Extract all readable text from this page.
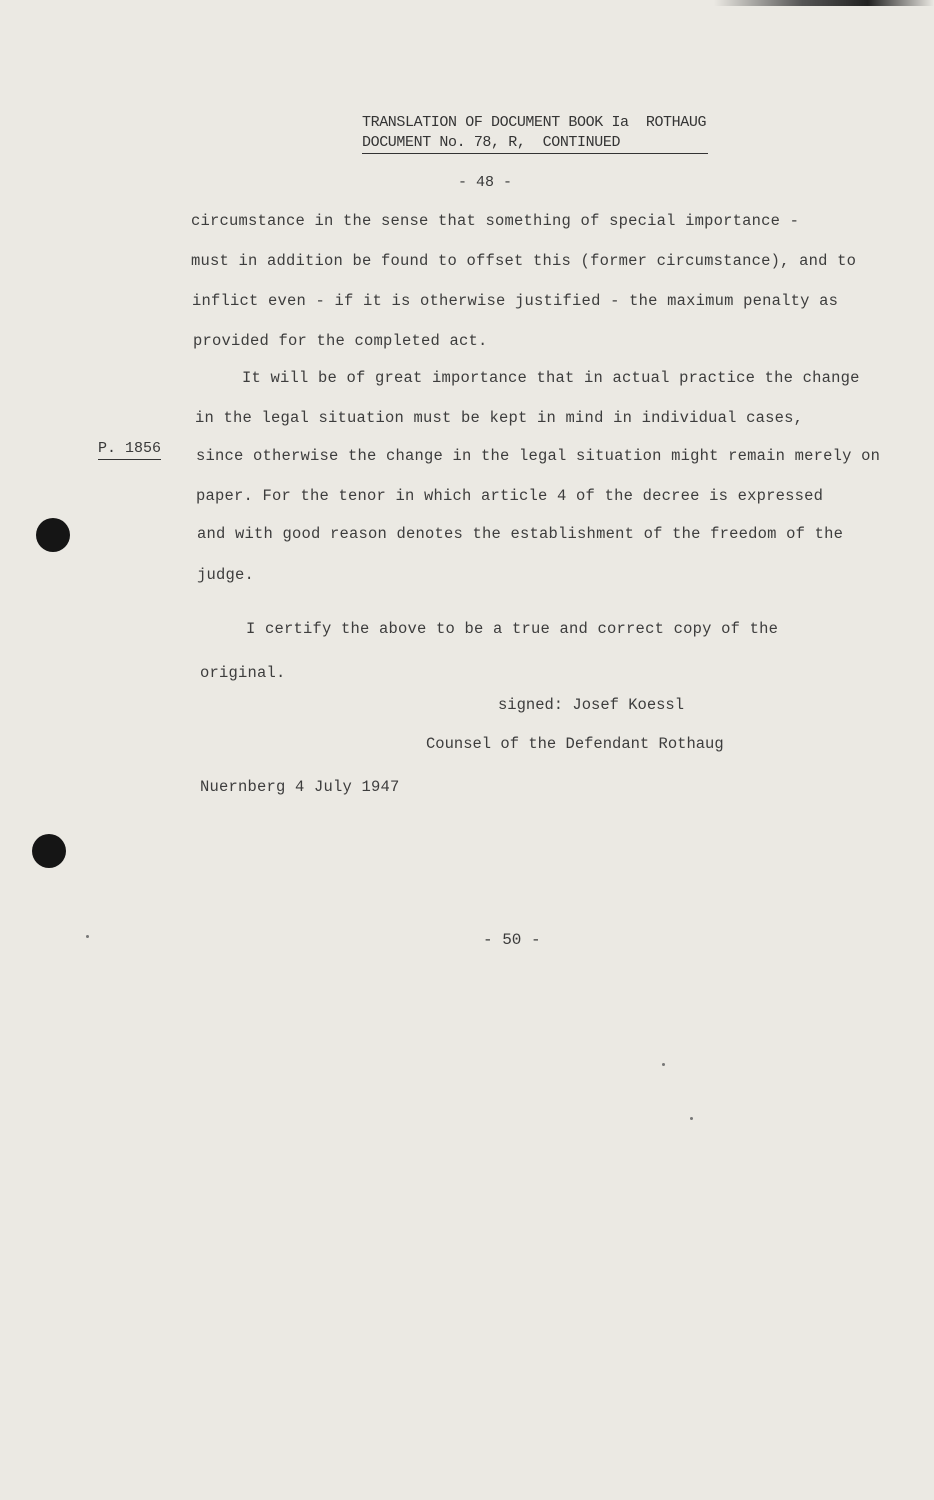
TRANSLATION OF DOCUMENT BOOK Ia  ROTHAUG
DOCUMENT No. 78, R,  CONTINUED
- 48 -
circumstance in the sense that something of special importance -
must in addition be found to offset this (former circumstance), and to
inflict even - if it is otherwise justified - the maximum penalty as
provided for the completed act.
It will be of great importance that in actual practice the change
in the legal situation must be kept in mind in individual cases,
since otherwise the change in the legal situation might remain merely on
paper. For the tenor in which article 4 of the decree is expressed
and with good reason denotes the establishment of the freedom of the
judge.
P. 1856
I certify the above to be a true and correct copy of the
original.
signed: Josef Koessl
Counsel of the Defendant Rothaug
Nuernberg 4 July 1947
- 50 -
